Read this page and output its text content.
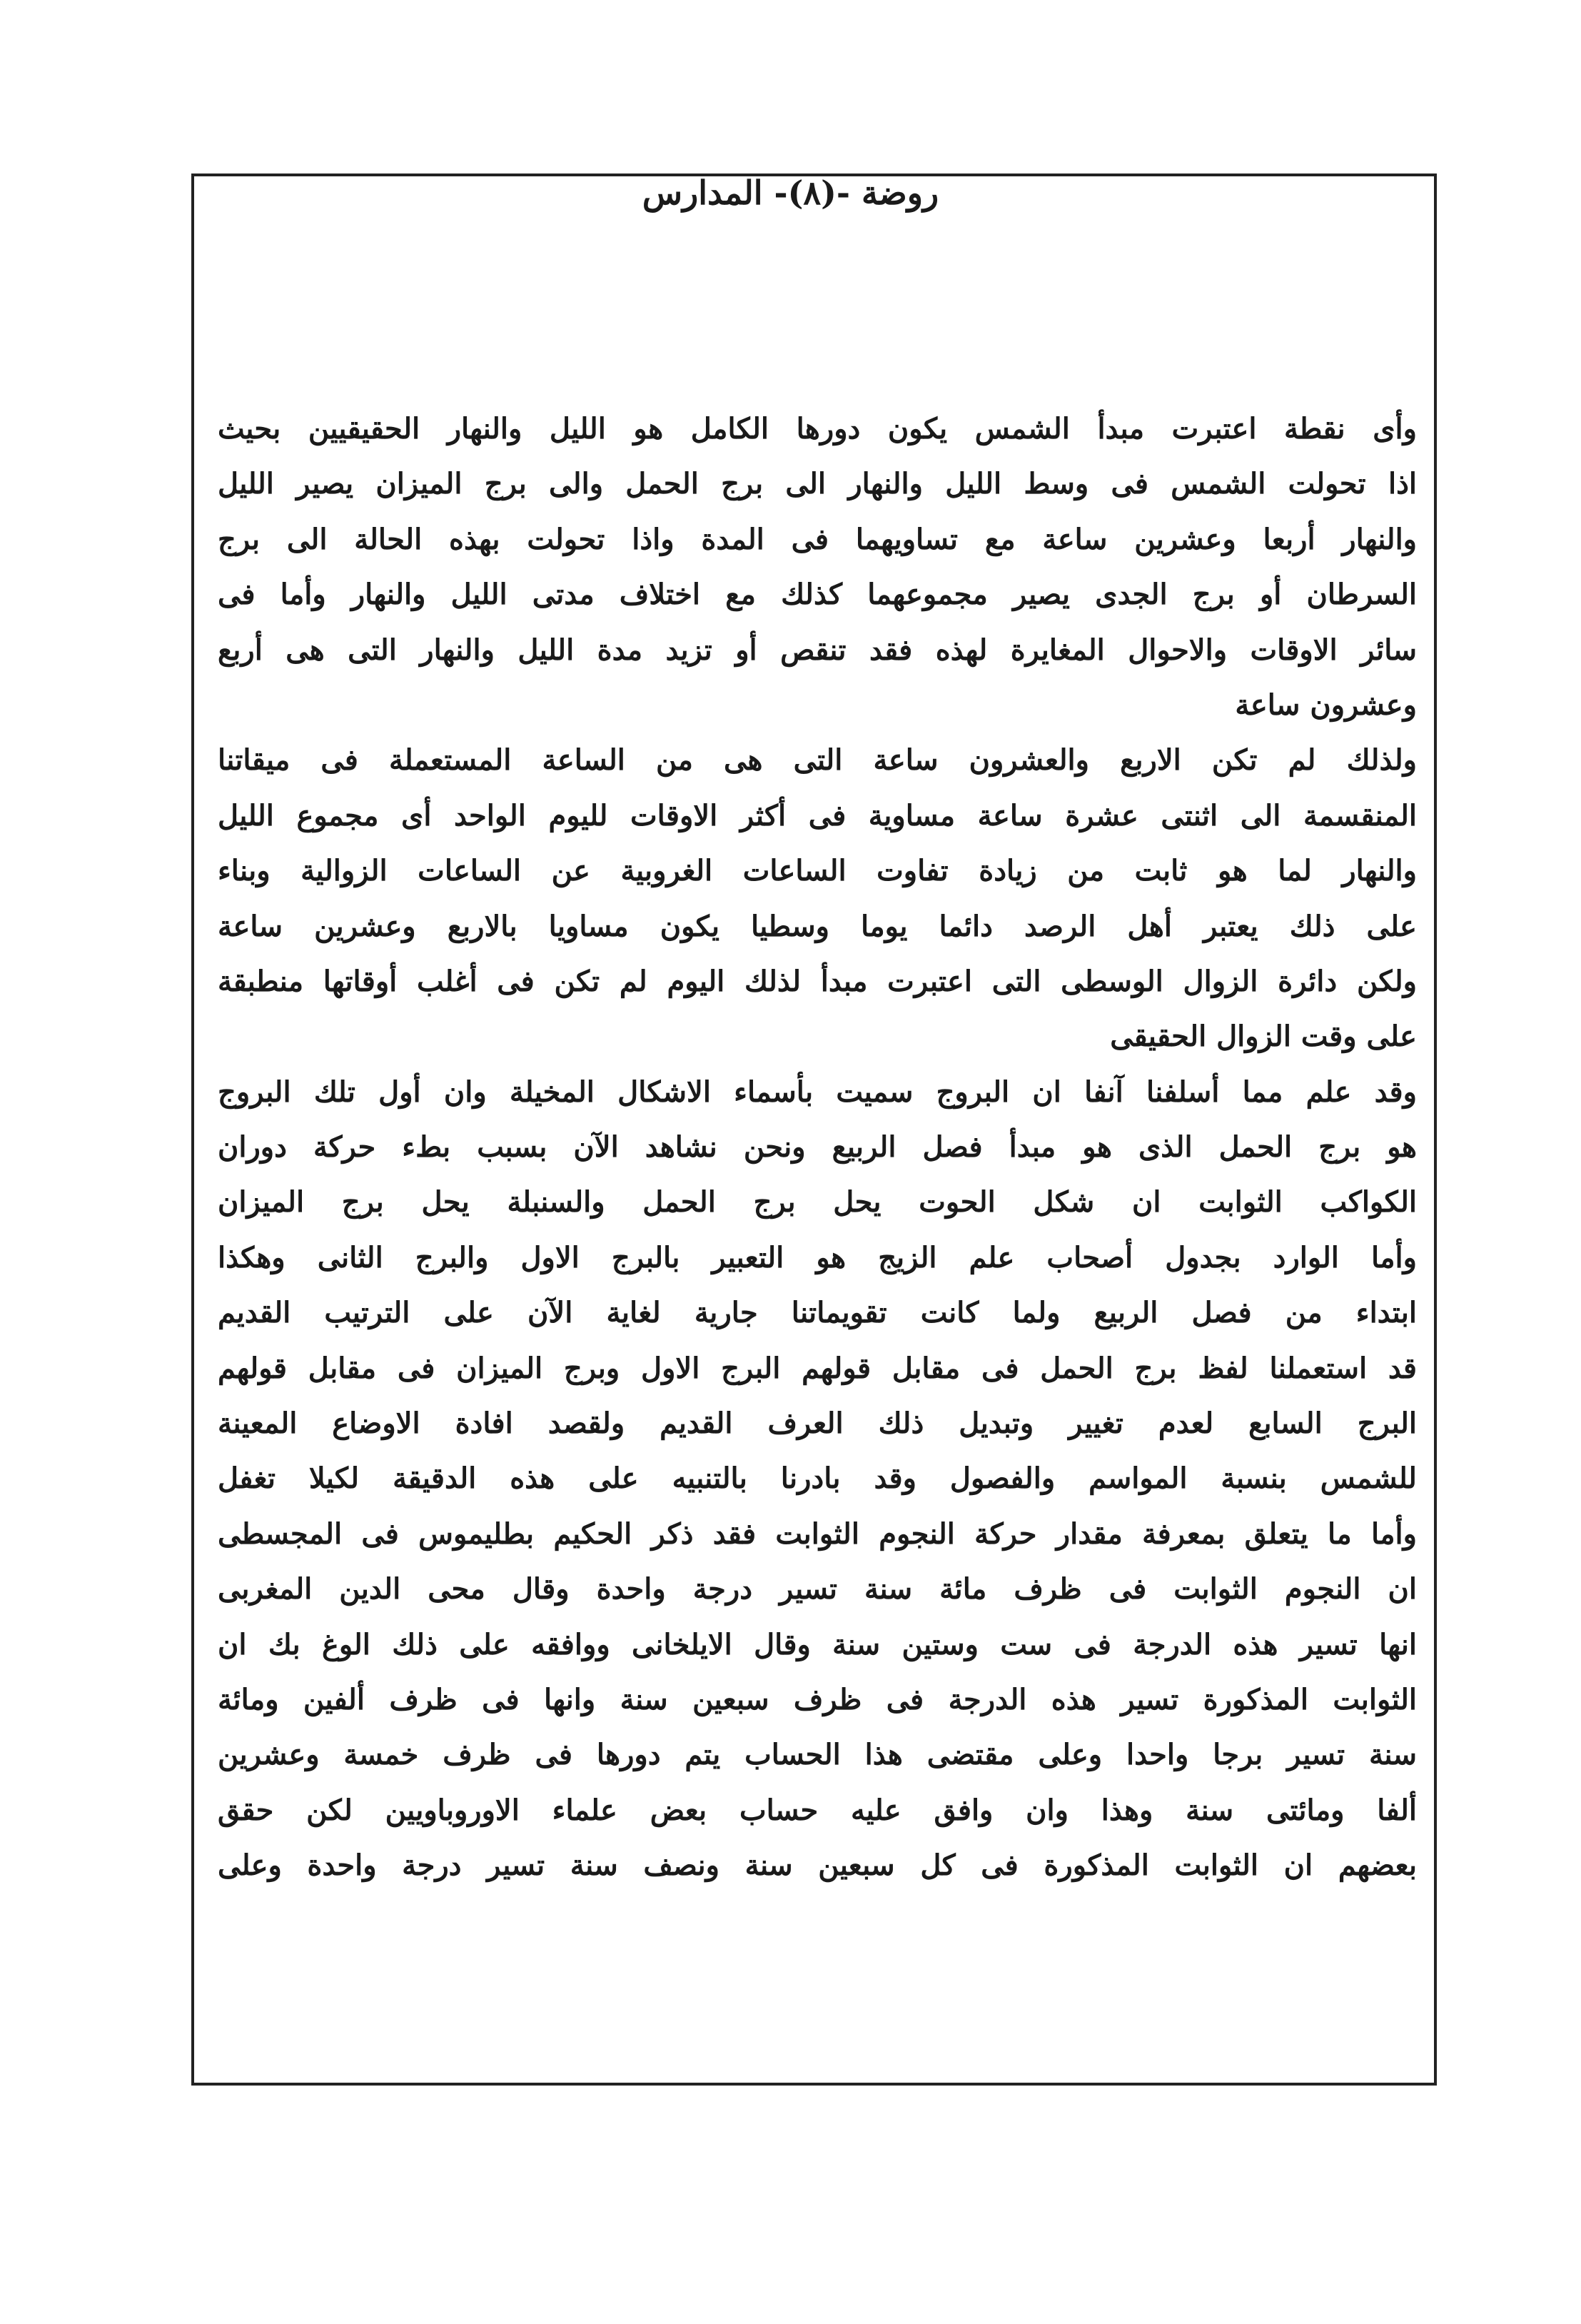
روضة -(٨)- المدارس
وأى نقطة اعتبرت مبدأ الشمس يكون دورها الكامل هو الليل والنهار الحقيقيين بحيث
اذا تحولت الشمس فى وسط الليل والنهار الى برج الحمل والى برج الميزان يصير الليل
والنهار أربعا وعشرين ساعة مع تساويهما فى المدة واذا تحولت بهذه الحالة الى برج
السرطان أو برج الجدى يصير مجموعهما كذلك مع اختلاف مدتى الليل والنهار وأما فى
سائر الاوقات والاحوال المغايرة لهذه فقد تنقص أو تزيد مدة الليل والنهار التى هى أربع
وعشرون ساعة
ولذلك لم تكن الاربع والعشرون ساعة التى هى من الساعة المستعملة فى ميقاتنا
المنقسمة الى اثنتى عشرة ساعة مساوية فى أكثر الاوقات لليوم الواحد أى مجموع الليل
والنهار لما هو ثابت من زيادة تفاوت الساعات الغروبية عن الساعات الزوالية وبناء
على ذلك يعتبر أهل الرصد دائما يوما وسطيا يكون مساويا بالاربع وعشرين ساعة
ولكن دائرة الزوال الوسطى التى اعتبرت مبدأ لذلك اليوم لم تكن فى أغلب أوقاتها منطبقة
على وقت الزوال الحقيقى
وقد علم مما أسلفنا آنفا ان البروج سميت بأسماء الاشكال المخيلة وان أول تلك البروج
هو برج الحمل الذى هو مبدأ فصل الربيع ونحن نشاهد الآن بسبب بطء حركة دوران
الكواكب الثوابت ان شكل الحوت يحل برج الحمل والسنبلة يحل برج الميزان
وأما الوارد بجدول أصحاب علم الزيج هو التعبير بالبرج الاول والبرج الثانى وهكذا
ابتداء من فصل الربيع ولما كانت تقويماتنا جارية لغاية الآن على الترتيب القديم
قد استعملنا لفظ برج الحمل فى مقابل قولهم البرج الاول وبرج الميزان فى مقابل قولهم
البرج السابع لعدم تغيير وتبديل ذلك العرف القديم ولقصد افادة الاوضاع المعينة
للشمس بنسبة المواسم والفصول وقد بادرنا بالتنبيه على هذه الدقيقة لكيلا تغفل
وأما ما يتعلق بمعرفة مقدار حركة النجوم الثوابت فقد ذكر الحكيم بطليموس فى المجسطى
ان النجوم الثوابت فى ظرف مائة سنة تسير درجة واحدة وقال محى الدين المغربى
انها تسير هذه الدرجة فى ست وستين سنة وقال الايلخانى ووافقه على ذلك الوغ بك ان
الثوابت المذكورة تسير هذه الدرجة فى ظرف سبعين سنة وانها فى ظرف ألفين ومائة
سنة تسير برجا واحدا وعلى مقتضى هذا الحساب يتم دورها فى ظرف خمسة وعشرين
ألفا ومائتى سنة وهذا وان وافق عليه حساب بعض علماء الاوروباويين لكن حقق
بعضهم ان الثوابت المذكورة فى كل سبعين سنة ونصف سنة تسير درجة واحدة وعلى
